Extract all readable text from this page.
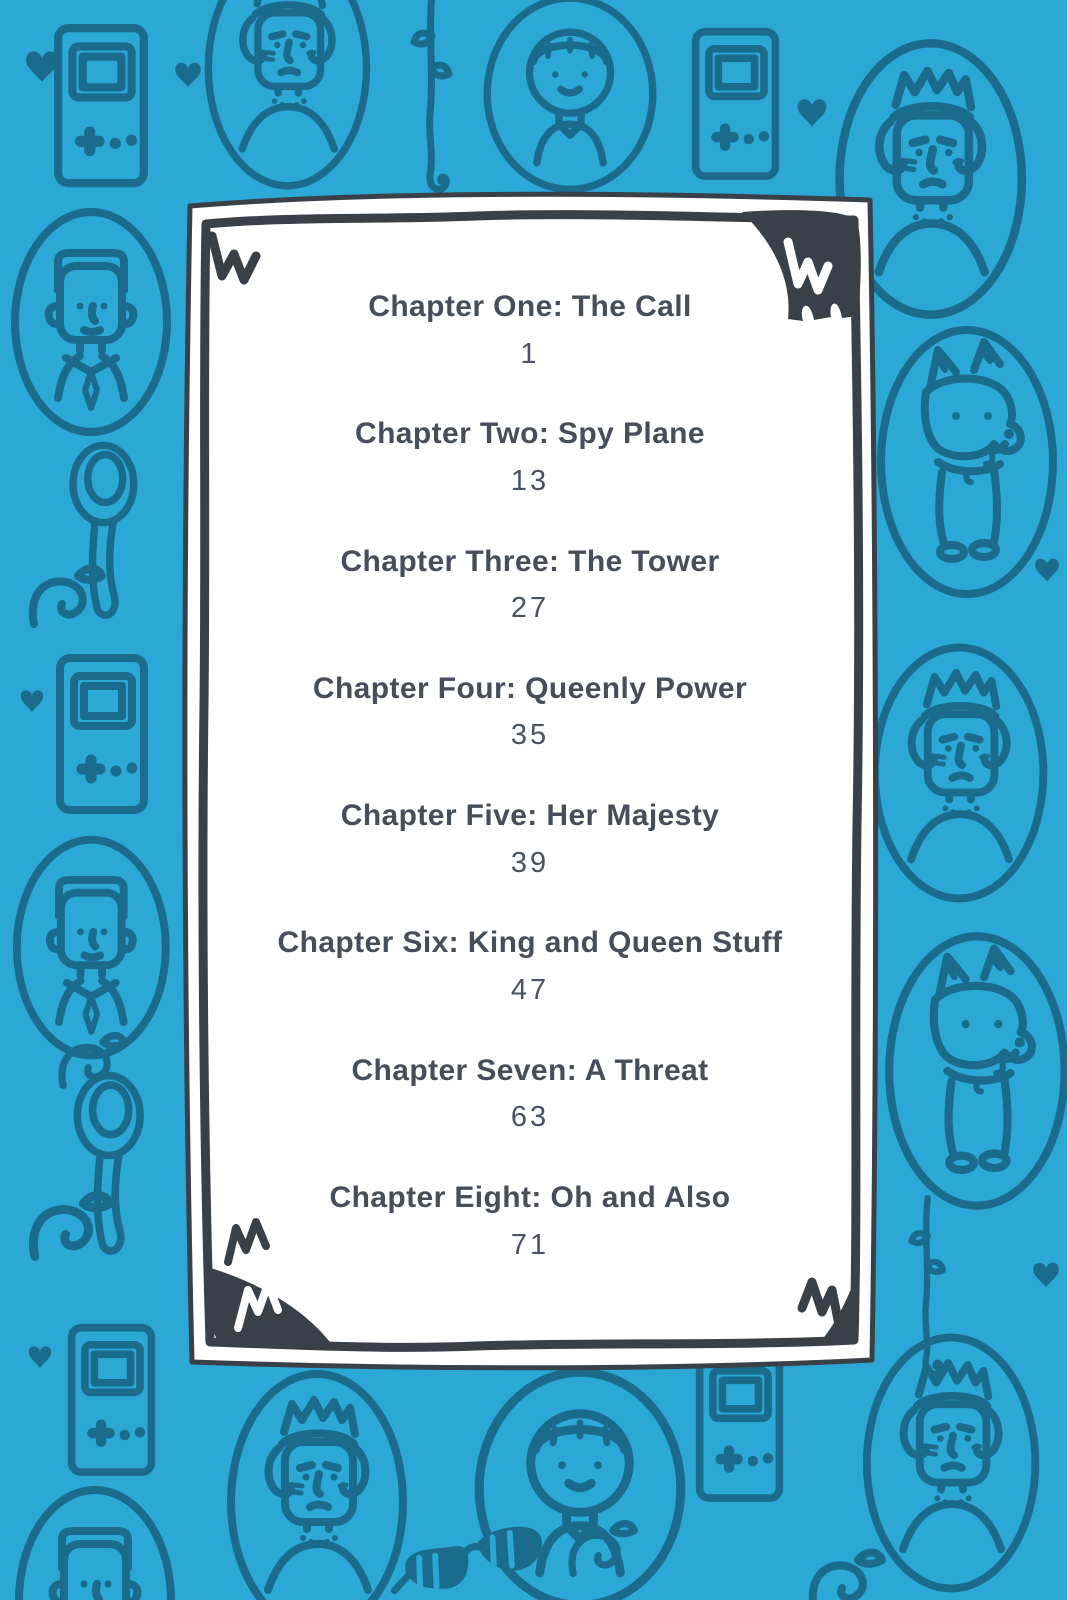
Chapter One: The Call
1
Chapter Two: Spy Plane
13
Chapter Three: The Tower
27
Chapter Four: Queenly Power
35
Chapter Five: Her Majesty
39
Chapter Six: King and Queen Stuff
47
Chapter Seven: A Threat
63
Chapter Eight: Oh and Also
71
